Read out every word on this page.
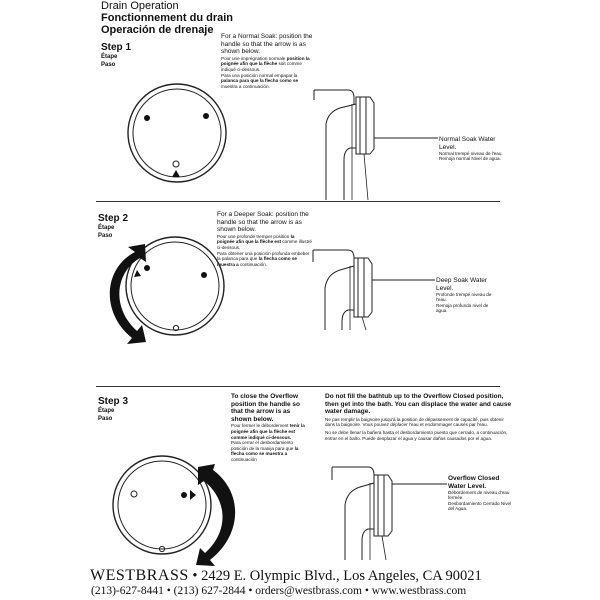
Drain Operation
Fonctionnement du drain
Operación de drenaje
Step 1
Étape
Paso
For a Normal Soak: position the handle so that the arrow is as shown below.
Pour une imprégnation normale position la poignée afin que la flèche soit comme indiqué ci-dessous.
Para una posición normal empapar la palanca para que la flecha como se muestra a continuación.
Normal Soak Water Level.
Normal trempé niveau de l'eau.
Remoja normal Nivel de agua.
Step 2
Étape
Paso
For a Deeper Soak: position the handle so that the arrow is as shown below.
Pour une profonde tremper position la poignée afin que la flèche est comme illustré ci-dessous.
Para obtener una posición profunda embeber la palanca para que la flecha como se muestra a continuación.
Deep Soak Water Level.
Profonde trempé niveau de l'eau.
Remoja profunda nivel de agua.
Step 3
Étape
Paso
To close the Overflow position the handle so that the arrow is as shown below.
Pour fermer le débordement tenir la poignée afin que la flèche est comme indiqué ci-dessous.
Para cerrar el desbordamiento posición de la manija para que la flecha como se muestra a continuación
Do not fill the bathtub up to the Overflow Closed position, then get into the bath. You can displace the water and cause water damage.
Ne pas remplir la baignoire jusqu'à la position de dépassement de capacité, puis obtenir dans la baignoire. Vous pouvez déplacer l'eau et endommager causés par l'eau.
No se debe llenar la bañera hasta el desbordamiento puesto que cerrado, a continuación, entrar en el baño. Puede desplazar el agua y causar daños causados por el agua.
Overflow Closed Water Level.
Débordement de niveau d'eau fermée.
Desbordamiento Cerrado Nivel del Agua.
WESTBRASS • 2429 E. Olympic Blvd., Los Angeles, CA 90021
(213)-627-8441 • (213) 627-2844 • orders@westbrass.com • www.westbrass.com
